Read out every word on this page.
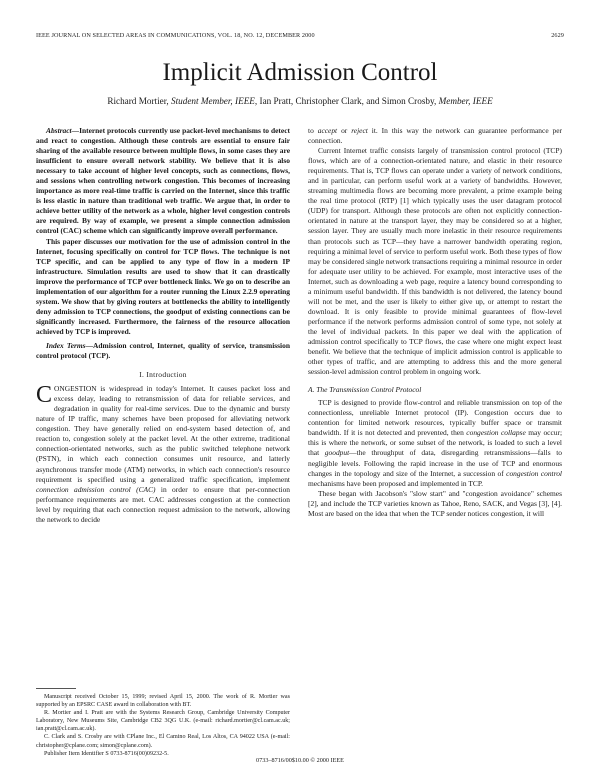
IEEE JOURNAL ON SELECTED AREAS IN COMMUNICATIONS, VOL. 18, NO. 12, DECEMBER 2000	2629
Implicit Admission Control
Richard Mortier, Student Member, IEEE, Ian Pratt, Christopher Clark, and Simon Crosby, Member, IEEE

Abstract—Internet protocols currently use packet-level mechanisms to detect and react to congestion. Although these controls are essential to ensure fair sharing of the available resource between multiple flows, in some cases they are insufficient to ensure overall network stability. We believe that it is also necessary to take account of higher level concepts, such as connections, flows, and sessions when controlling network congestion. This becomes of increasing importance as more real-time traffic is carried on the Internet, since this traffic is less elastic in nature than traditional web traffic. We argue that, in order to achieve better utility of the network as a whole, higher level congestion controls are required. By way of example, we present a simple connection admission control (CAC) scheme which can significantly improve overall performance.

This paper discusses our motivation for the use of admission control in the Internet, focusing specifically on control for TCP flows. The technique is not TCP specific, and can be applied to any type of flow in a modern IP infrastructure. Simulation results are used to show that it can drastically improve the performance of TCP over bottleneck links. We go on to describe an implementation of our algorithm for a router running the Linux 2.2.9 operating system. We show that by giving routers at bottlenecks the ability to intelligently deny admission to TCP connections, the goodput of existing connections can be significantly increased. Furthermore, the fairness of the resource allocation achieved by TCP is improved.

Index Terms—Admission control, Internet, quality of service, transmission control protocol (TCP).

I. Introduction

CONGESTION is widespread in today's Internet. It causes packet loss and excess delay, leading to retransmission of data for reliable services, and degradation in quality for real-time services. Due to the dynamic and bursty nature of IP traffic, many schemes have been proposed for alleviating network congestion. They have generally relied on end-system based detection of, and reaction to, congestion solely at the packet level. At the other extreme, traditional connection-orientated networks, such as the public switched telephone network (PSTN), in which each connection consumes unit resource, and latterly asynchronous transfer mode (ATM) networks, in which each connection's resource requirement is specified using a generalized traffic specification, implement connection admission control (CAC) in order to ensure that per-connection performance requirements are met. CAC addresses congestion at the connection level by requiring that each connection request admission to the network, allowing the network to decide

to accept or reject it. In this way the network can guarantee performance per connection.

Current Internet traffic consists largely of transmission control protocol (TCP) flows, which are of a connection-orientated nature, and elastic in their resource requirements. That is, TCP flows can operate under a variety of network conditions, and in particular, can perform useful work at a variety of bandwidths. However, streaming multimedia flows are becoming more prevalent, a prime example being the real time protocol (RTP) [1] which typically uses the user datagram protocol (UDP) for transport. Although these protocols are often not explicitly connection-orientated in nature at the transport layer, they may be considered so at a higher, session layer. They are usually much more inelastic in their resource requirements than protocols such as TCP—they have a narrower bandwidth operating region, requiring a minimal level of service to perform useful work. Both these types of flow may be considered single network transactions requiring a minimal resource in order for adequate user utility to be achieved. For example, most interactive uses of the Internet, such as downloading a web page, require a latency bound corresponding to a minimum useful bandwidth. If this bandwidth is not delivered, the latency bound will not be met, and the user is likely to either give up, or attempt to restart the download. It is only feasible to provide minimal guarantees of flow-level performance if the network performs admission control of some type, not solely at the level of individual packets. In this paper we deal with the application of admission control specifically to TCP flows, the case where one might expect least benefit. We believe that the technique of implicit admission control is applicable to other types of traffic, and are attempting to address this and the more general session-level admission control problem in ongoing work.

A. The Transmission Control Protocol

TCP is designed to provide flow-control and reliable transmission on top of the connectionless, unreliable Internet protocol (IP). Congestion occurs due to contention for limited network resources, typically buffer space or transmit bandwidth. If it is not detected and prevented, then congestion collapse may occur; this is where the network, or some subset of the network, is loaded to such a level that goodput—the throughput of data, disregarding retransmissions—falls to negligible levels. Following the rapid increase in the use of TCP and enormous changes in the topology and size of the Internet, a succession of congestion control mechanisms have been proposed and implemented in TCP.

These began with Jacobson's "slow start" and "congestion avoidance" schemes [2], and include the TCP varieties known as Tahoe, Reno, SACK, and Vegas [3], [4]. Most are based on the idea that when the TCP sender notices congestion, it will

Manuscript received October 15, 1999; revised April 15, 2000. The work of R. Mortier was supported by an EPSRC CASE award in collaboration with BT.

R. Mortier and I. Pratt are with the Systems Research Group, Cambridge University Computer Laboratory, New Museums Site, Cambridge CB2 3QG U.K. (e-mail: richard.mortier@cl.cam.ac.uk; ian.pratt@cl.cam.ac.uk).

C. Clark and S. Crosby are with CPlane Inc., El Camino Real, Los Altos, CA 94022 USA (e-mail: christopher@cplane.com; simon@cplane.com).

Publisher Item Identifier S 0733-8716(00)09232-5.

0733–8716/00$10.00 © 2000 IEEE
